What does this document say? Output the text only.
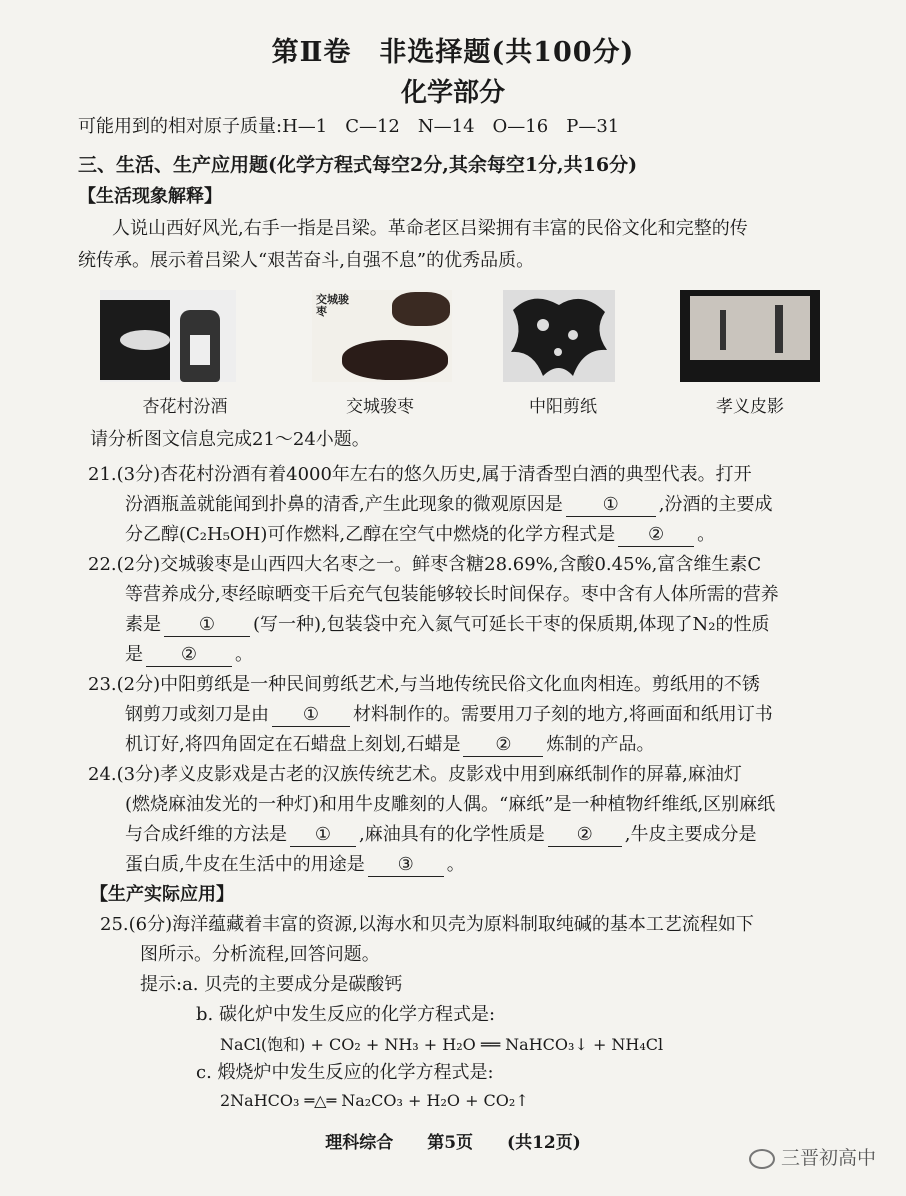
第Ⅱ卷　非选择题(共100分)
化学部分
可能用到的相对原子质量:H—1　C—12　N—14　O—16　P—31
三、生活、生产应用题(化学方程式每空2分,其余每空1分,共16分)
【生活现象解释】
人说山西好风光,右手一指是吕梁。革命老区吕梁拥有丰富的民俗文化和完整的传
统传承。展示着吕梁人“艰苦奋斗,自强不息”的优秀品质。
交城骏枣
杏花村汾酒	交城骏枣	中阳剪纸	孝义皮影
请分析图文信息完成21～24小题。
21.(3分)杏花村汾酒有着4000年左右的悠久历史,属于清香型白酒的典型代表。打开
汾酒瓶盖就能闻到扑鼻的清香,产生此现象的微观原因是 ① ,汾酒的主要成
分乙醇(C₂H₅OH)可作燃料,乙醇在空气中燃烧的化学方程式是 ② 。
22.(2分)交城骏枣是山西四大名枣之一。鲜枣含糖28.69%,含酸0.45%,富含维生素C
等营养成分,枣经晾晒变干后充气包装能够较长时间保存。枣中含有人体所需的营养
素是 ① (写一种),包装袋中充入氮气可延长干枣的保质期,体现了N₂的性质
是 ② 。
23.(2分)中阳剪纸是一种民间剪纸艺术,与当地传统民俗文化血肉相连。剪纸用的不锈
钢剪刀或刻刀是由 ① 材料制作的。需要用刀子刻的地方,将画面和纸用订书
机订好,将四角固定在石蜡盘上刻划,石蜡是 ② 炼制的产品。
24.(3分)孝义皮影戏是古老的汉族传统艺术。皮影戏中用到麻纸制作的屏幕,麻油灯
(燃烧麻油发光的一种灯)和用牛皮雕刻的人偶。“麻纸”是一种植物纤维纸,区别麻纸
与合成纤维的方法是 ① ,麻油具有的化学性质是 ② ,牛皮主要成分是
蛋白质,牛皮在生活中的用途是 ③ 。
【生产实际应用】
25.(6分)海洋蕴藏着丰富的资源,以海水和贝壳为原料制取纯碱的基本工艺流程如下
图所示。分析流程,回答问题。
提示:a. 贝壳的主要成分是碳酸钙
b. 碳化炉中发生反应的化学方程式是:
NaCl(饱和) + CO₂ + NH₃ + H₂O ══ NaHCO₃↓ + NH₄Cl
c. 煅烧炉中发生反应的化学方程式是:
2NaHCO₃ ═△═ Na₂CO₃ + H₂O + CO₂↑
理科综合　　第5页　　(共12页)
三晋初高中
